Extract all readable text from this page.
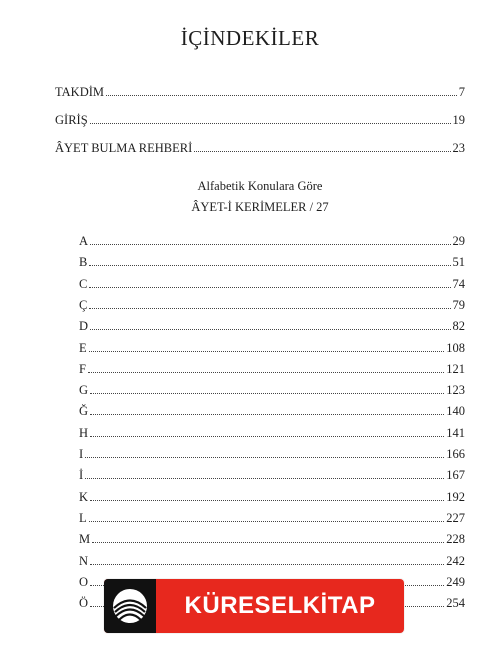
İÇİNDEKİLER
TAKDİM	7
GİRİŞ	19
ÂYET BULMA REHBERİ	23
Alfabetik Konulara Göre
ÂYET-İ KERİMELER / 27
A	29
B	51
C	74
Ç	79
D	82
E	108
F	121
G	123
Ğ	140
H	141
I	166
İ	167
K	192
L	227
M	228
N	242
O	249
Ö	254
KÜRESELKİTAP
